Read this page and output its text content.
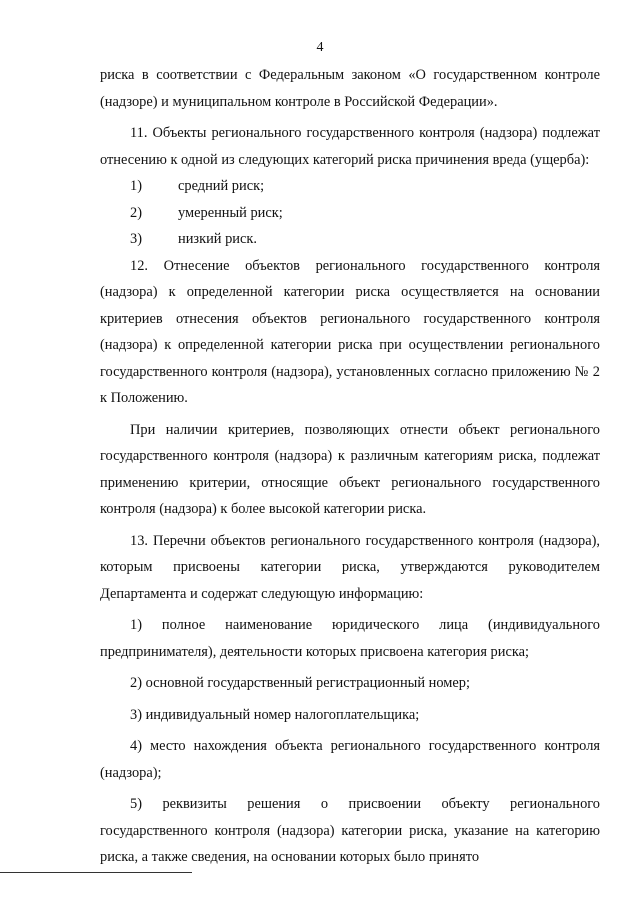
4

риска в соответствии с Федеральным законом «О государственном контроле (надзоре) и муниципальном контроле в Российской Федерации».

11. Объекты регионального государственного контроля (надзора) подлежат отнесению к одной из следующих категорий риска причинения вреда (ущерба):

1)	средний риск;
2)	умеренный риск;
3)	низкий риск.

12. Отнесение объектов регионального государственного контроля (надзора) к определенной категории риска осуществляется на основании критериев отнесения объектов регионального государственного контроля (надзора) к определенной категории риска при осуществлении регионального государственного контроля (надзора), установленных согласно приложению № 2 к Положению.

При наличии критериев, позволяющих отнести объект регионального государственного контроля (надзора) к различным категориям риска, подлежат применению критерии, относящие объект регионального государственного контроля (надзора) к более высокой категории риска.

13. Перечни объектов регионального государственного контроля (надзора), которым присвоены категории риска, утверждаются руководителем Департамента и содержат следующую информацию:

1) полное наименование юридического лица (индивидуального предпринимателя), деятельности которых присвоена категория риска;

2) основной государственный регистрационный номер;

3) индивидуальный номер налогоплательщика;

4) место нахождения объекта регионального государственного контроля (надзора);

5) реквизиты решения о присвоении объекту регионального государственного контроля (надзора) категории риска, указание на категорию риска, а также сведения, на основании которых было принято
